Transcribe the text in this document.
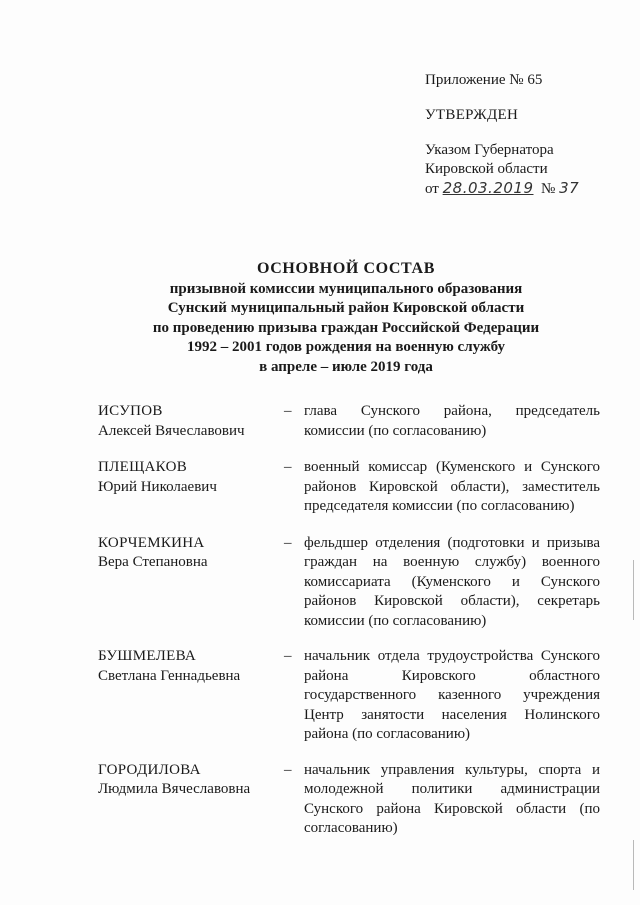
Приложение № 65
УТВЕРЖДЕН
Указом Губернатора
Кировской области
от 28.03.2019 № 37
ОСНОВНОЙ СОСТАВ
призывной комиссии муниципального образования
Сунский муниципальный район Кировской области
по проведению призыва граждан Российской Федерации
1992 – 2001 годов рождения на военную службу
в апреле – июле 2019 года
ИСУПОВ
Алексей Вячеславович
– глава Сунского района, председатель комиссии (по согласованию)
ПЛЕЩАКОВ
Юрий Николаевич
– военный комиссар (Куменского и Сунского районов Кировской области), заместитель председателя комиссии (по согласованию)
КОРЧЕМКИНА
Вера Степановна
– фельдшер отделения (подготовки и призыва граждан на военную службу) военного комиссариата (Куменского и Сунского районов Кировской области), секретарь комиссии (по согласованию)
БУШМЕЛЕВА
Светлана Геннадьевна
– начальник отдела трудоустройства Сунского района Кировского областного государственного казенного учреждения Центр занятости населения Нолинского района (по согласованию)
ГОРОДИЛОВА
Людмила Вячеславовна
– начальник управления культуры, спорта и молодежной политики администрации Сунского района Кировской области (по согласованию)
